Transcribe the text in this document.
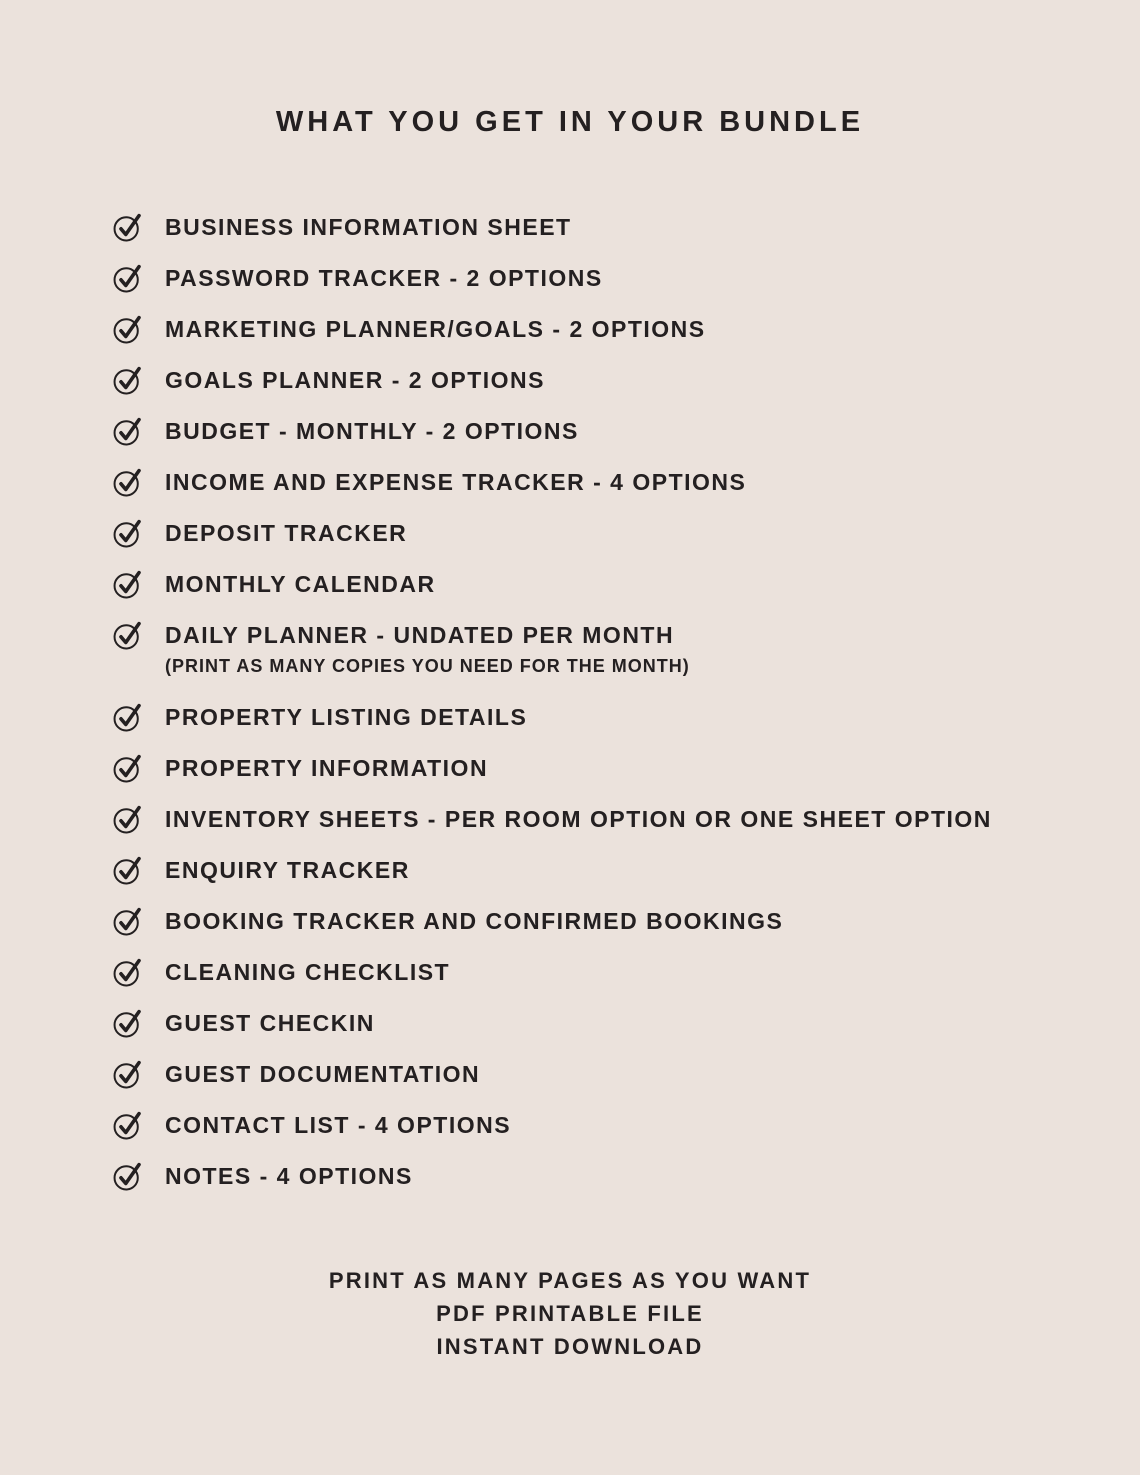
WHAT YOU GET IN YOUR BUNDLE
BUSINESS INFORMATION SHEET
PASSWORD TRACKER - 2 OPTIONS
MARKETING PLANNER/GOALS - 2 OPTIONS
GOALS PLANNER - 2 OPTIONS
BUDGET - MONTHLY - 2 OPTIONS
INCOME AND EXPENSE TRACKER - 4 OPTIONS
DEPOSIT TRACKER
MONTHLY CALENDAR
DAILY PLANNER - UNDATED PER MONTH
(PRINT AS MANY COPIES YOU NEED FOR THE MONTH)
PROPERTY LISTING DETAILS
PROPERTY INFORMATION
INVENTORY SHEETS - PER ROOM OPTION OR ONE SHEET OPTION
ENQUIRY TRACKER
BOOKING TRACKER AND CONFIRMED BOOKINGS
CLEANING CHECKLIST
GUEST CHECKIN
GUEST DOCUMENTATION
CONTACT LIST - 4 OPTIONS
NOTES - 4 OPTIONS
PRINT AS MANY PAGES AS YOU WANT
PDF PRINTABLE FILE
INSTANT DOWNLOAD
